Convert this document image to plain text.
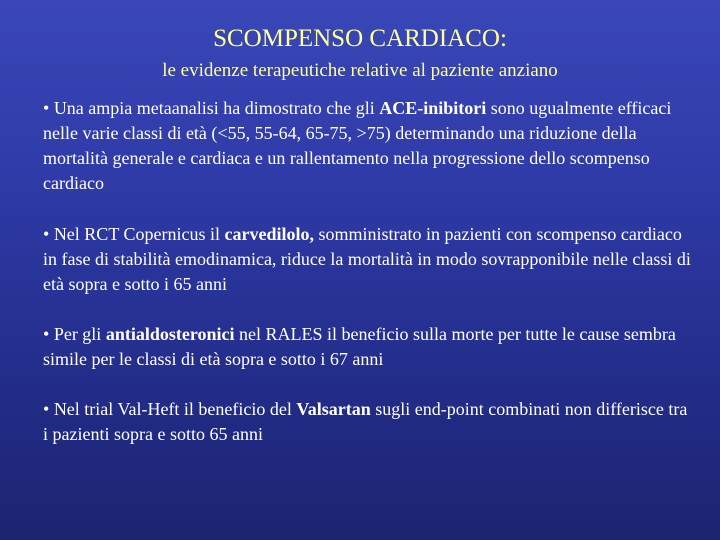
SCOMPENSO CARDIACO:
le evidenze terapeutiche relative al paziente anziano
• Una ampia metaanalisi ha dimostrato che gli ACE-inibitori sono ugualmente efficaci nelle varie classi di età (<55, 55-64, 65-75, >75) determinando una riduzione della mortalità generale e cardiaca e un rallentamento nella progressione dello scompenso cardiaco
• Nel RCT Copernicus il carvedilolo, somministrato in pazienti con scompenso cardiaco in fase di stabilità emodinamica, riduce la mortalità in modo sovrapponibile nelle classi di età sopra e sotto i 65 anni
• Per gli antialdosteronici nel RALES il beneficio sulla morte per tutte le cause sembra simile per le classi di età sopra e sotto i 67 anni
• Nel trial Val-Heft il beneficio del Valsartan sugli end-point combinati non differisce tra i pazienti sopra e sotto 65 anni
